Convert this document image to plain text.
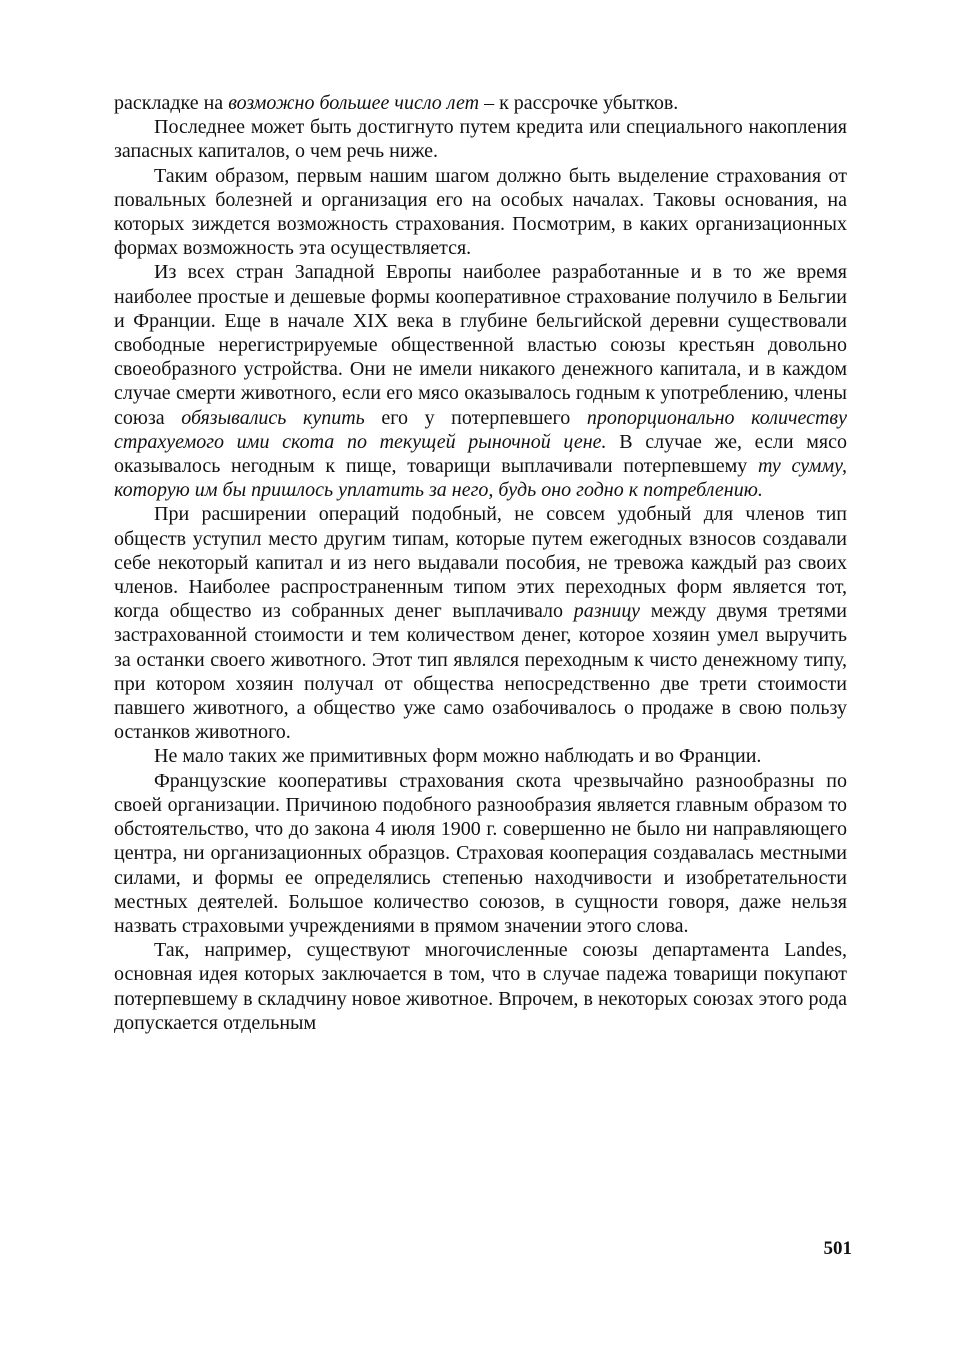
раскладке на возможно большее число лет – к рассрочке убытков.

Последнее может быть достигнуто путем кредита или специального накопления запасных капиталов, о чем речь ниже.

Таким образом, первым нашим шагом должно быть выделение страхования от повальных болезней и организация его на особых началах. Таковы основания, на которых зиждется возможность страхования. Посмотрим, в каких организационных формах возможность эта осуществляется.

Из всех стран Западной Европы наиболее разработанные и в то же время наиболее простые и дешевые формы кооперативное страхование получило в Бельгии и Франции. Еще в начале XIX века в глубине бельгийской деревни существовали свободные нерегистрируемые общественной властью союзы крестьян довольно своеобразного устройства. Они не имели никакого денежного капитала, и в каждом случае смерти животного, если его мясо оказывалось годным к употреблению, члены союза обязывались купить его у потерпевшего пропорционально количеству страхуемого ими скота по текущей рыночной цене. В случае же, если мясо оказывалось негодным к пище, товарищи выплачивали потерпевшему ту сумму, которую им бы пришлось уплатить за него, будь оно годно к потреблению.

При расширении операций подобный, не совсем удобный для членов тип обществ уступил место другим типам, которые путем ежегодных взносов создавали себе некоторый капитал и из него выдавали пособия, не тревожа каждый раз своих членов. Наиболее распространенным типом этих переходных форм является тот, когда общество из собранных денег выплачивало разницу между двумя третями застрахованной стоимости и тем количеством денег, которое хозяин умел выручить за останки своего животного. Этот тип являлся переходным к чисто денежному типу, при котором хозяин получал от общества непосредственно две трети стоимости павшего животного, а общество уже само озабочивалось о продаже в свою пользу останков животного.

Не мало таких же примитивных форм можно наблюдать и во Франции.

Французские кооперативы страхования скота чрезвычайно разнообразны по своей организации. Причиною подобного разнообразия является главным образом то обстоятельство, что до закона 4 июля 1900 г. совершенно не было ни направляющего центра, ни организационных образцов. Страховая кооперация создавалась местными силами, и формы ее определялись степенью находчивости и изобретательности местных деятелей. Большое количество союзов, в сущности говоря, даже нельзя назвать страховыми учреждениями в прямом значении этого слова.

Так, например, существуют многочисленные союзы департамента Landes, основная идея которых заключается в том, что в случае падежа товарищи покупают потерпевшему в складчину новое животное. Впрочем, в некоторых союзах этого рода допускается отдельным

501
